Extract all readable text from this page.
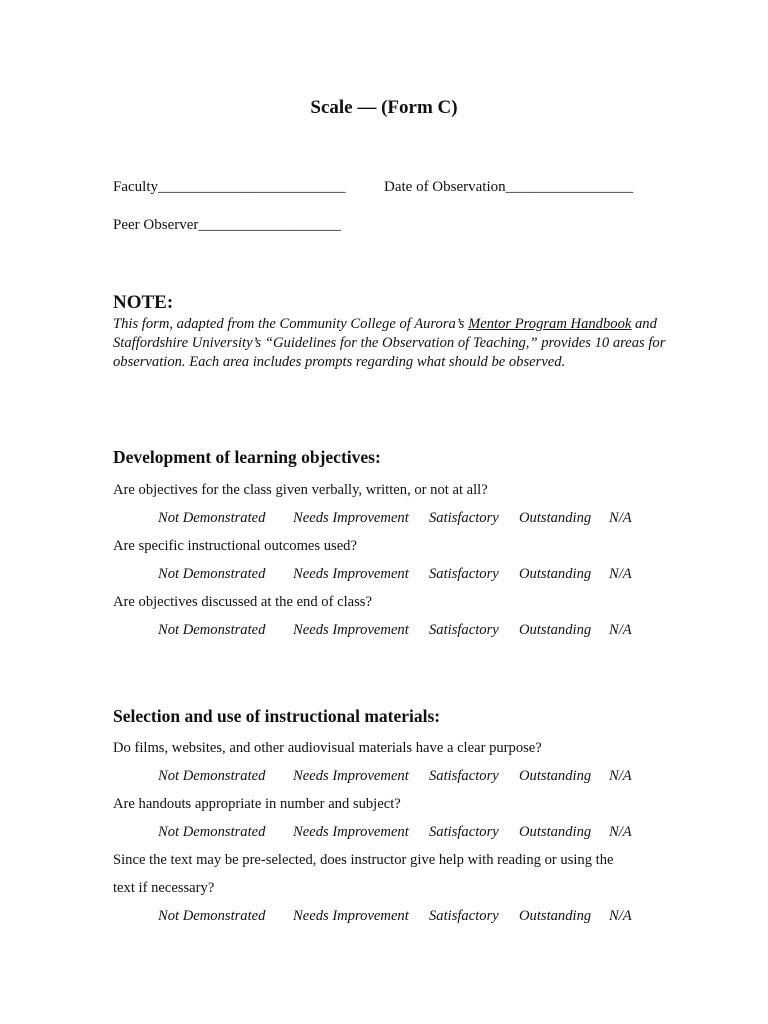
Scale — (Form C)
Faculty_________________________	Date of Observation_________________
Peer Observer___________________
NOTE:
This form, adapted from the Community College of Aurora’s Mentor Program Handbook and Staffordshire University’s “Guidelines for the Observation of Teaching,” provides 10 areas for observation. Each area includes prompts regarding what should be observed.
Development of learning objectives:
Are objectives for the class given verbally, written, or not at all?
Not Demonstrated Needs Improvement Satisfactory Outstanding N/A
Are specific instructional outcomes used?
Not Demonstrated Needs Improvement Satisfactory Outstanding N/A
Are objectives discussed at the end of class?
Not Demonstrated Needs Improvement Satisfactory Outstanding N/A
Selection and use of instructional materials:
Do films, websites, and other audiovisual materials have a clear purpose?
Not Demonstrated Needs Improvement Satisfactory Outstanding N/A
Are handouts appropriate in number and subject?
Not Demonstrated Needs Improvement Satisfactory Outstanding N/A
Since the text may be pre-selected, does instructor give help with reading or using the
text if necessary?
Not Demonstrated Needs Improvement Satisfactory Outstanding N/A
